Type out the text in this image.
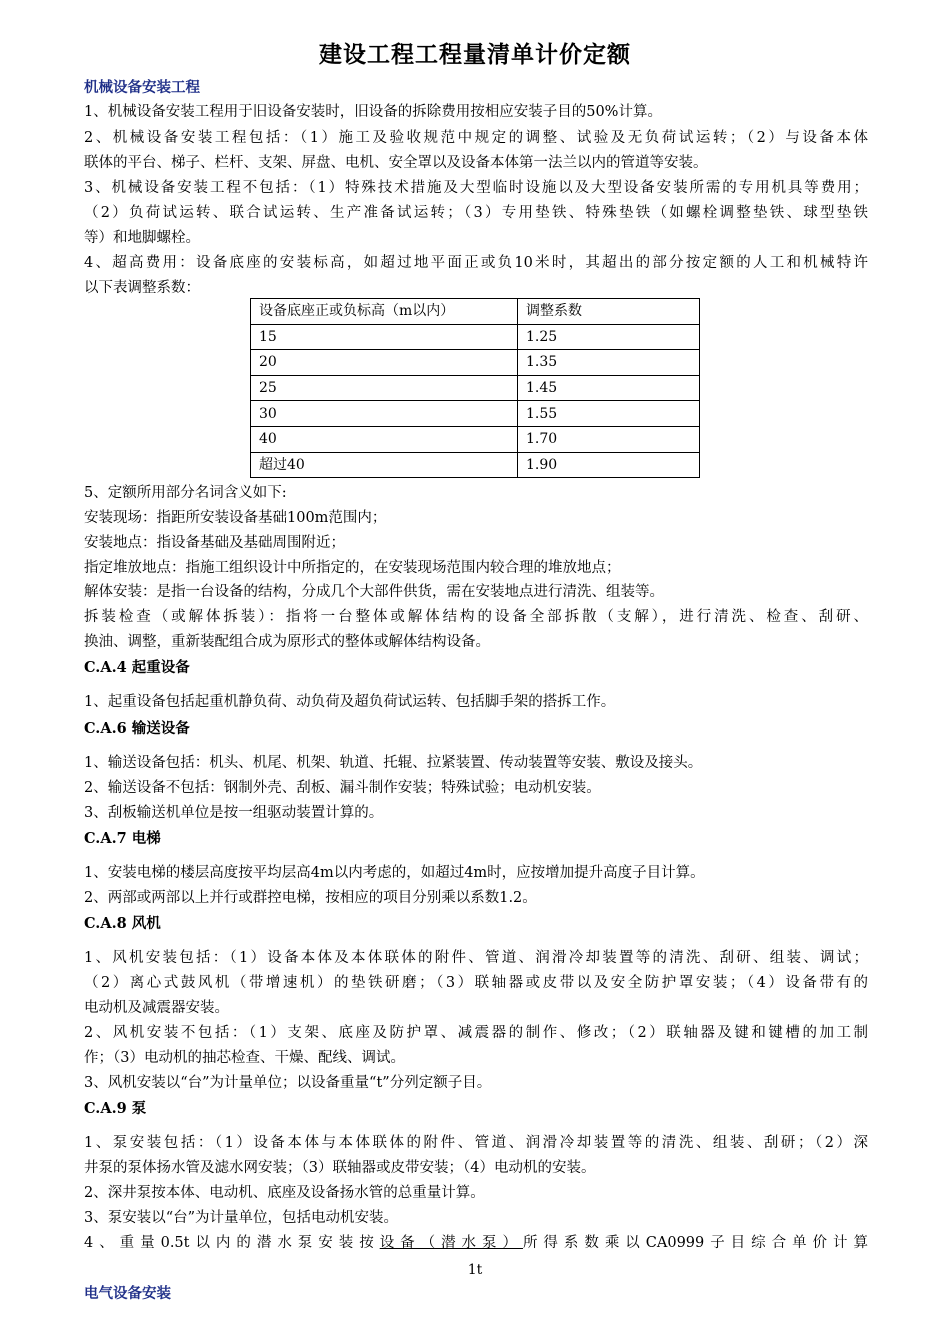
建设工程工程量清单计价定额
机械设备安装工程
1、机械设备安装工程用于旧设备安装时，旧设备的拆除费用按相应安装子目的50%计算。
2、机械设备安装工程包括：（1）施工及验收规范中规定的调整、试验及无负荷试运转；（2）与设备本体
联体的平台、梯子、栏杆、支架、屏盘、电机、安全罩以及设备本体第一法兰以内的管道等安装。
3、机械设备安装工程不包括：（1）特殊技术措施及大型临时设施以及大型设备安装所需的专用机具等费用；
（2）负荷试运转、联合试运转、生产准备试运转；（3）专用垫铁、特殊垫铁（如螺栓调整垫铁、球型垫铁
等）和地脚螺栓。
4、超高费用：设备底座的安装标高，如超过地平面正或负10米时，其超出的部分按定额的人工和机械特许
以下表调整系数：
设备底座正或负标高（m以内）	调整系数
15	1.25
20	1.35
25	1.45
30	1.55
40	1.70
超过40	1.90
5、定额所用部分名词含义如下:
安装现场：指距所安装设备基础100m范围内；
安装地点：指设备基础及基础周围附近；
指定堆放地点：指施工组织设计中所指定的，在安装现场范围内较合理的堆放地点；
解体安装：是指一台设备的结构，分成几个大部件供货，需在安装地点进行清洗、组装等。
拆装检查（或解体拆装）：指将一台整体或解体结构的设备全部拆散（支解），进行清洗、检查、刮研、
换油、调整，重新装配组合成为原形式的整体或解体结构设备。
C.A.4 起重设备
1、起重设备包括起重机静负荷、动负荷及超负荷试运转、包括脚手架的搭拆工作。
C.A.6 输送设备
1、输送设备包括：机头、机尾、机架、轨道、托辊、拉紧装置、传动装置等安装、敷设及接头。
2、输送设备不包括：钢制外壳、刮板、漏斗制作安装；特殊试验；电动机安装。
3、刮板输送机单位是按一组驱动装置计算的。
C.A.7 电梯
1、安装电梯的楼层高度按平均层高4m以内考虑的，如超过4m时，应按增加提升高度子目计算。
2、两部或两部以上并行或群控电梯，按相应的项目分别乘以系数1.2。
C.A.8 风机
1、风机安装包括：（1）设备本体及本体联体的附件、管道、润滑冷却装置等的清洗、刮研、组装、调试；
（2）离心式鼓风机（带增速机）的垫铁研磨；（3）联轴器或皮带以及安全防护罩安装；（4）设备带有的
电动机及减震器安装。
2、风机安装不包括：（1）支架、底座及防护罩、减震器的制作、修改；（2）联轴器及键和键槽的加工制
作；（3）电动机的抽芯检查、干燥、配线、调试。
3、风机安装以“台”为计量单位；以设备重量“t”分列定额子目。
C.A.9 泵
1、泵安装包括：（1）设备本体与本体联体的附件、管道、润滑冷却装置等的清洗、组装、刮研；（2）深
井泵的泵体扬水管及滤水网安装；（3）联轴器或皮带安装；（4）电动机的安装。
2、深井泵按本体、电动机、底座及设备扬水管的总重量计算。
3、泵安装以“台”为计量单位，包括电动机安装。
4、重量0.5t以内的潜水泵安装按设备（潜水泵）所得系数乘以CA0999子目综合单价计算
1t
电气设备安装
